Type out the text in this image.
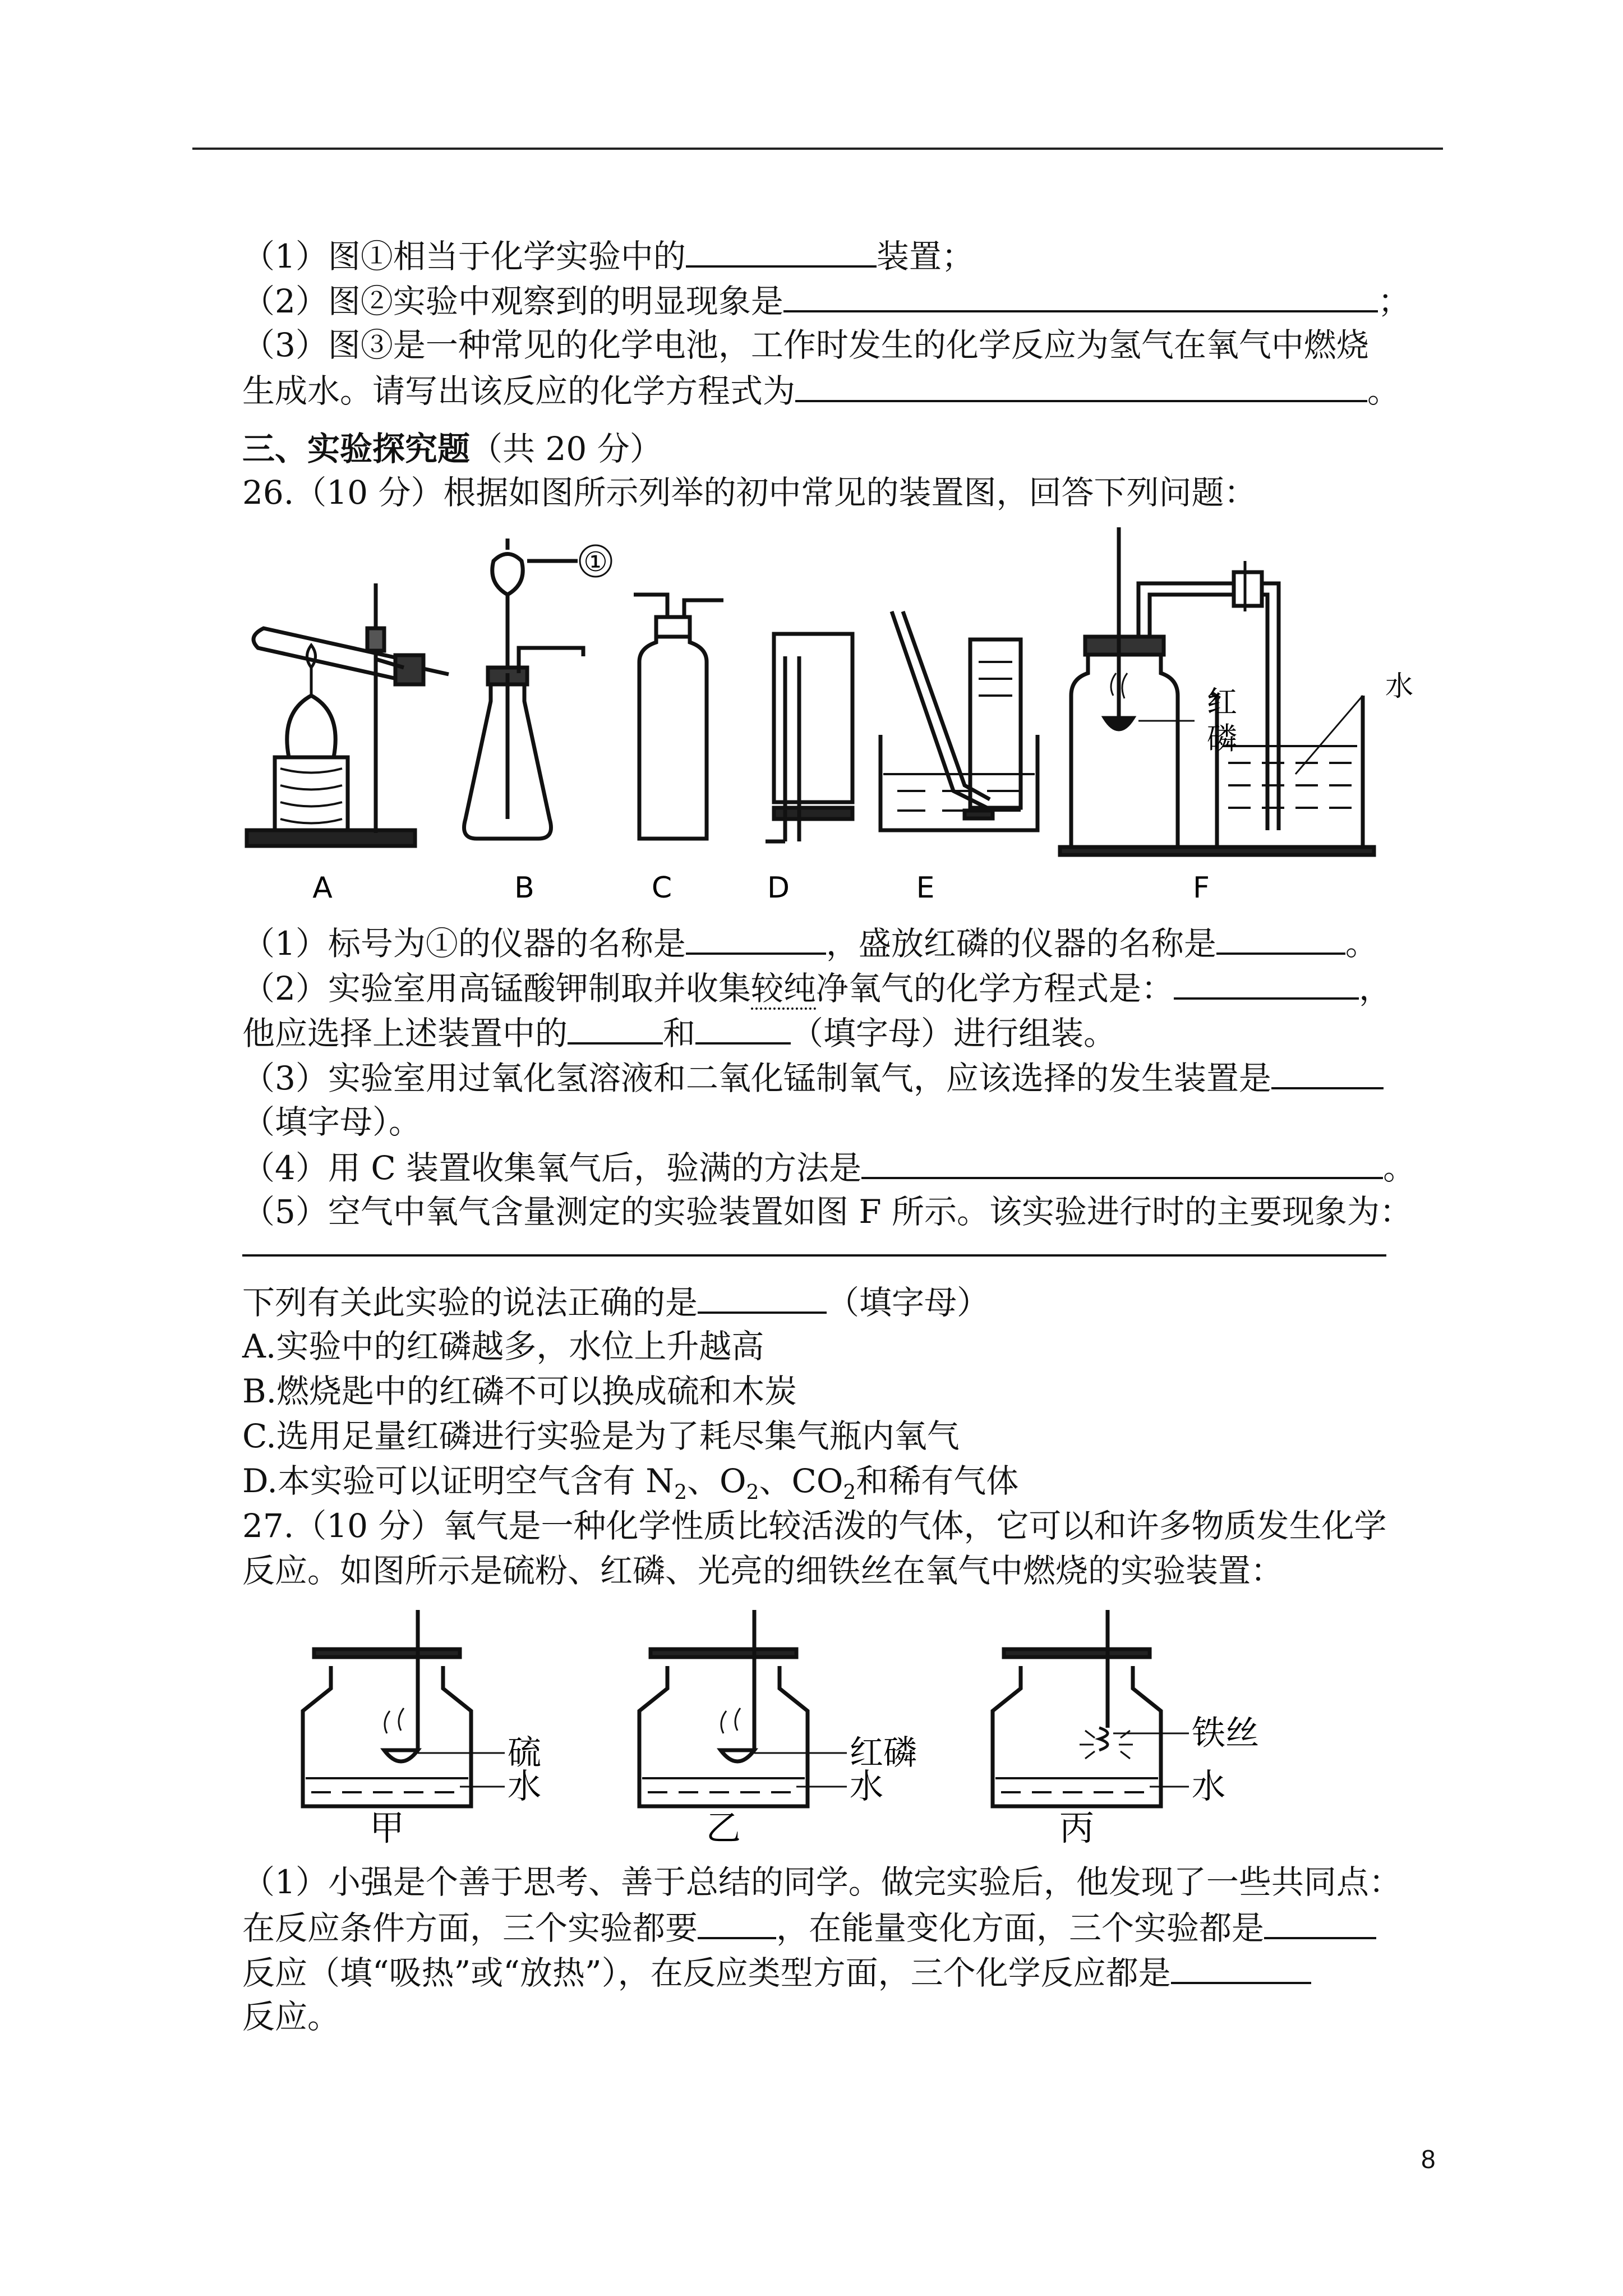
（1）图①相当于化学实验中的	装置；
（2）图②实验中观察到的明显现象是	；
（3）图③是一种常见的化学电池，工作时发生的化学反应为氢气在氧气中燃烧
生成水。请写出该反应的化学方程式为	。
三、实验探究题（共 20 分）
26.（10 分）根据如图所示列举的初中常见的装置图，回答下列问题：
①
红
磷
水
A	B	C	D	E	F
（1）标号为①的仪器的名称是	，盛放红磷的仪器的名称是	。
（2）实验室用高锰酸钾制取并收集较纯净氧气的化学方程式是：	，
他应选择上述装置中的	和	（填字母）进行组装。
（3）实验室用过氧化氢溶液和二氧化锰制氧气，应该选择的发生装置是
（填字母）。
（4）用 C 装置收集氧气后，验满的方法是	。
（5）空气中氧气含量测定的实验装置如图 F 所示。该实验进行时的主要现象为：
下列有关此实验的说法正确的是	（填字母）
A.实验中的红磷越多，水位上升越高
B.燃烧匙中的红磷不可以换成硫和木炭
C.选用足量红磷进行实验是为了耗尽集气瓶内氧气
D.本实验可以证明空气含有 $N_2$、$O_2$、$CO_2$和稀有气体
27.（10 分）氧气是一种化学性质比较活泼的气体，它可以和许多物质发生化学
反应。如图所示是硫粉、红磷、光亮的细铁丝在氧气中燃烧的实验装置：
硫
水
红磷
水
铁丝
水
甲	乙	丙
（1）小强是个善于思考、善于总结的同学。做完实验后，他发现了一些共同点：
在反应条件方面，三个实验都要 ，在能量变化方面，三个实验都是
反应（填“吸热”或“放热”），在反应类型方面，三个化学反应都是
反应。
8
